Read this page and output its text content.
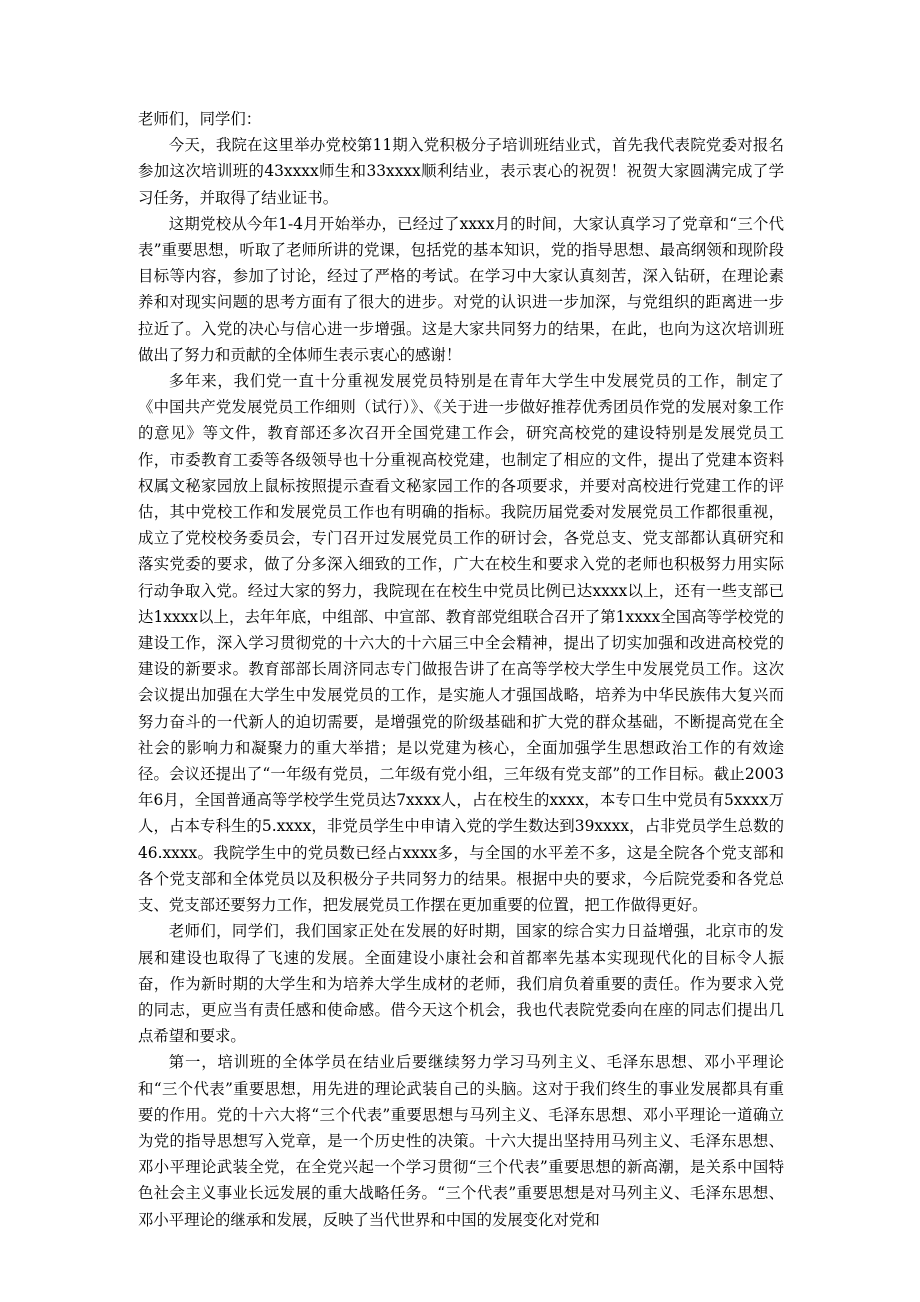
老师们，同学们：

今天，我院在这里举办党校第11期入党积极分子培训班结业式，首先我代表院党委对报名参加这次培训班的43xxxx师生和33xxxx顺利结业，表示衷心的祝贺！祝贺大家圆满完成了学习任务，并取得了结业证书。

这期党校从今年1-4月开始举办，已经过了xxxx月的时间，大家认真学习了党章和“三个代表”重要思想，听取了老师所讲的党课，包括党的基本知识，党的指导思想、最高纲领和现阶段目标等内容，参加了讨论，经过了严格的考试。在学习中大家认真刻苦，深入钻研，在理论素养和对现实问题的思考方面有了很大的进步。对党的认识进一步加深，与党组织的距离进一步拉近了。入党的决心与信心进一步增强。这是大家共同努力的结果，在此，也向为这次培训班做出了努力和贡献的全体师生表示衷心的感谢！

多年来，我们党一直十分重视发展党员特别是在青年大学生中发展党员的工作，制定了《中国共产党发展党员工作细则（试行）》、《关于进一步做好推荐优秀团员作党的发展对象工作的意见》等文件，教育部还多次召开全国党建工作会，研究高校党的建设特别是发展党员工作，市委教育工委等各级领导也十分重视高校党建，也制定了相应的文件，提出了党建本资料权属文秘家园放上鼠标按照提示查看文秘家园工作的各项要求，并要对高校进行党建工作的评估，其中党校工作和发展党员工作也有明确的指标。我院历届党委对发展党员工作都很重视，成立了党校校务委员会，专门召开过发展党员工作的研讨会，各党总支、党支部都认真研究和落实党委的要求，做了分多深入细致的工作，广大在校生和要求入党的老师也积极努力用实际行动争取入党。经过大家的努力，我院现在在校生中党员比例已达xxxx以上，还有一些支部已达1xxxx以上，去年年底，中组部、中宣部、教育部党组联合召开了第1xxxx全国高等学校党的建设工作，深入学习贯彻党的十六大的十六届三中全会精神，提出了切实加强和改进高校党的建设的新要求。教育部部长周济同志专门做报告讲了在高等学校大学生中发展党员工作。这次会议提出加强在大学生中发展党员的工作，是实施人才强国战略，培养为中华民族伟大复兴而努力奋斗的一代新人的迫切需要，是增强党的阶级基础和扩大党的群众基础，不断提高党在全社会的影响力和凝聚力的重大举措；是以党建为核心，全面加强学生思想政治工作的有效途径。会议还提出了“一年级有党员，二年级有党小组，三年级有党支部”的工作目标。截止2003年6月，全国普通高等学校学生党员达7xxxx人，占在校生的xxxx，本专口生中党员有5xxxx万人，占本专科生的5.xxxx，非党员学生中申请入党的学生数达到39xxxx，占非党员学生总数的46.xxxx。我院学生中的党员数已经占xxxx多，与全国的水平差不多，这是全院各个党支部和各个党支部和全体党员以及积极分子共同努力的结果。根据中央的要求，今后院党委和各党总支、党支部还要努力工作，把发展党员工作摆在更加重要的位置，把工作做得更好。

老师们，同学们，我们国家正处在发展的好时期，国家的综合实力日益增强，北京市的发展和建设也取得了飞速的发展。全面建设小康社会和首都率先基本实现现代化的目标令人振奋，作为新时期的大学生和为培养大学生成材的老师，我们肩负着重要的责任。作为要求入党的同志，更应当有责任感和使命感。借今天这个机会，我也代表院党委向在座的同志们提出几点希望和要求。

第一，培训班的全体学员在结业后要继续努力学习马列主义、毛泽东思想、邓小平理论和“三个代表”重要思想，用先进的理论武装自己的头脑。这对于我们终生的事业发展都具有重要的作用。党的十六大将“三个代表”重要思想与马列主义、毛泽东思想、邓小平理论一道确立为党的指导思想写入党章，是一个历史性的决策。十六大提出坚持用马列主义、毛泽东思想、邓小平理论武装全党，在全党兴起一个学习贯彻“三个代表”重要思想的新高潮，是关系中国特色社会主义事业长远发展的重大战略任务。“三个代表”重要思想是对马列主义、毛泽东思想、邓小平理论的继承和发展，反映了当代世界和中国的发展变化对党和
